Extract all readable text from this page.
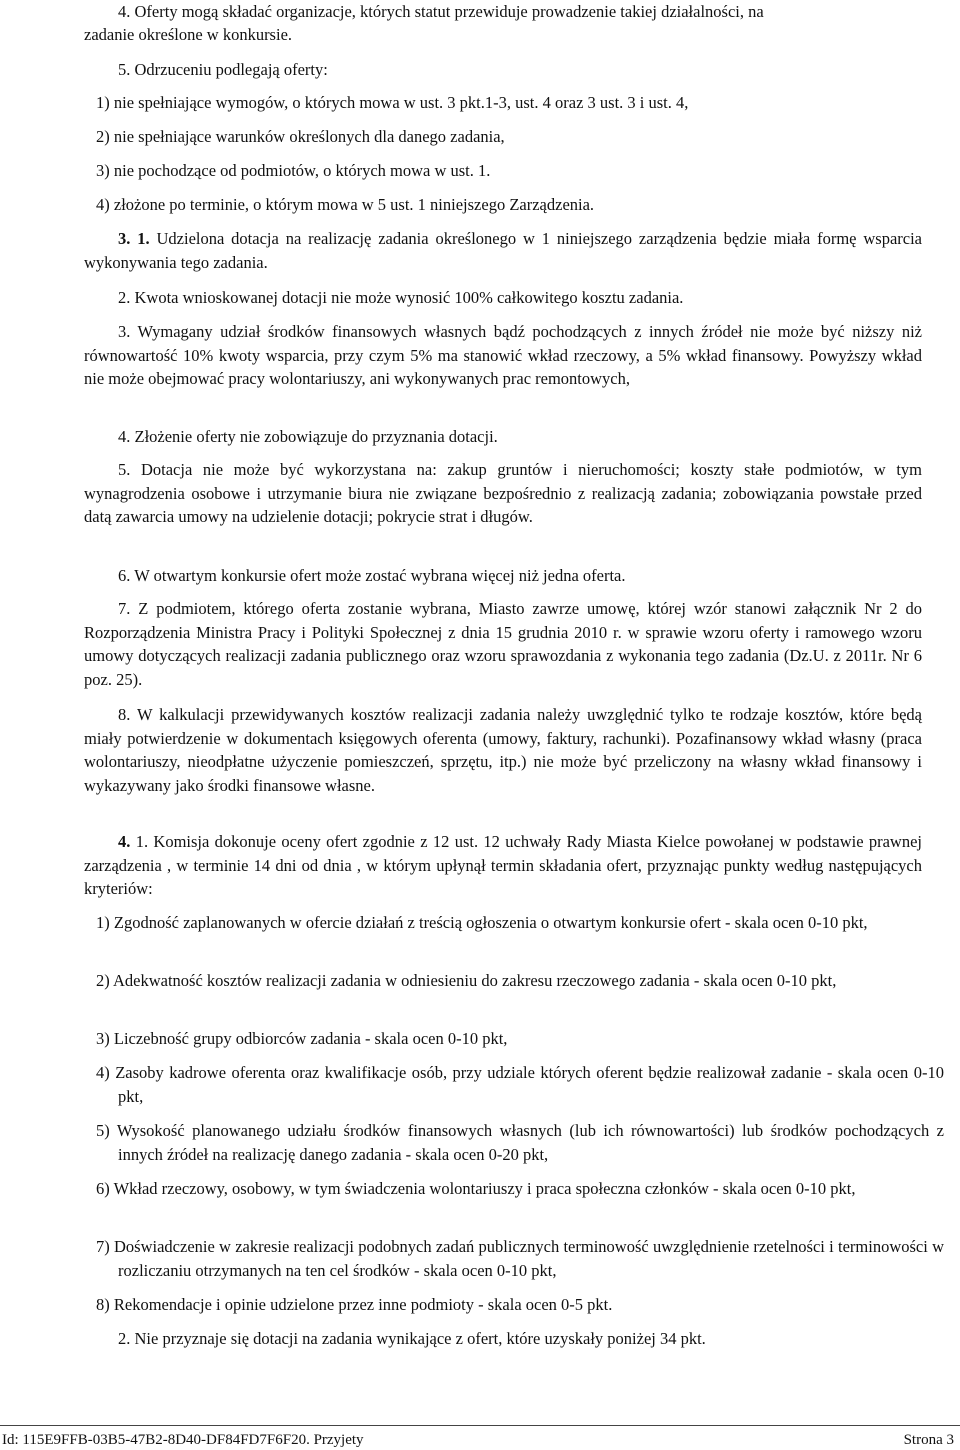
4. Oferty mogą składać organizacje, których statut przewiduje prowadzenie takiej działalności, na
zadanie określone w konkursie.
5. Odrzuceniu podlegają oferty:
1) nie spełniające wymogów, o których mowa w ust. 3 pkt.1-3, ust. 4 oraz 3 ust. 3 i ust. 4,
2) nie spełniające warunków określonych dla danego zadania,
3) nie pochodzące od podmiotów, o których mowa w ust. 1.
4) złożone po terminie, o którym mowa w 5 ust. 1 niniejszego Zarządzenia.
3. 1. Udzielona dotacja na realizację zadania określonego w 1 niniejszego zarządzenia będzie miała formę wsparcia wykonywania tego zadania.
2. Kwota wnioskowanej dotacji nie może wynosić 100% całkowitego kosztu zadania.
3. Wymagany udział środków finansowych własnych bądź pochodzących z innych źródeł nie może być niższy niż równowartość 10% kwoty wsparcia, przy czym 5% ma stanowić wkład rzeczowy, a 5% wkład finansowy. Powyższy wkład nie może obejmować pracy wolontariuszy, ani wykonywanych prac remontowych,
4. Złożenie oferty nie zobowiązuje do przyznania dotacji.
5. Dotacja nie może być wykorzystana na: zakup gruntów i nieruchomości; koszty stałe podmiotów, w tym wynagrodzenia osobowe i utrzymanie biura nie związane bezpośrednio z realizacją zadania; zobowiązania powstałe przed datą zawarcia umowy na udzielenie dotacji; pokrycie strat i długów.
6. W otwartym konkursie ofert może zostać wybrana więcej niż jedna oferta.
7. Z podmiotem, którego oferta zostanie wybrana, Miasto zawrze umowę, której wzór stanowi załącznik Nr 2 do Rozporządzenia Ministra Pracy i Polityki Społecznej z dnia 15 grudnia 2010 r. w sprawie wzoru oferty i ramowego wzoru umowy dotyczących realizacji zadania publicznego oraz wzoru sprawozdania z wykonania tego zadania (Dz.U. z 2011r. Nr 6 poz. 25).
8. W kalkulacji przewidywanych kosztów realizacji zadania należy uwzględnić tylko te rodzaje kosztów, które będą miały potwierdzenie w dokumentach księgowych oferenta (umowy, faktury, rachunki). Pozafinansowy wkład własny (praca wolontariuszy, nieodpłatne użyczenie pomieszczeń, sprzętu, itp.) nie może być przeliczony na własny wkład finansowy i wykazywany jako środki finansowe własne.
4. 1. Komisja dokonuje oceny ofert zgodnie z 12 ust. 12 uchwały Rady Miasta Kielce powołanej w podstawie prawnej zarządzenia , w terminie 14 dni od dnia , w którym upłynął termin składania ofert, przyznając punkty według następujących kryteriów:
1) Zgodność zaplanowanych w ofercie działań z treścią ogłoszenia o otwartym konkursie ofert - skala ocen 0-10 pkt,
2) Adekwatność kosztów realizacji zadania w odniesieniu do zakresu rzeczowego zadania - skala ocen 0-10 pkt,
3) Liczebność grupy odbiorców zadania - skala ocen 0-10 pkt,
4) Zasoby kadrowe oferenta oraz kwalifikacje osób, przy udziale których oferent będzie realizował zadanie - skala ocen 0-10 pkt,
5) Wysokość planowanego udziału środków finansowych własnych (lub ich równowartości) lub środków pochodzących z innych źródeł na realizację danego zadania - skala ocen 0-20 pkt,
6) Wkład rzeczowy, osobowy, w tym świadczenia wolontariuszy i praca społeczna członków - skala ocen 0-10 pkt,
7) Doświadczenie w zakresie realizacji podobnych zadań publicznych terminowość uwzględnienie rzetelności i terminowości w rozliczaniu otrzymanych na ten cel środków - skala ocen 0-10 pkt,
8) Rekomendacje i opinie udzielone przez inne podmioty - skala ocen 0-5 pkt.
2. Nie przyznaje się dotacji na zadania wynikające z ofert, które uzyskały poniżej 34 pkt.
Id: 115E9FFB-03B5-47B2-8D40-DF84FD7F6F20. Przyjety	Strona 3
